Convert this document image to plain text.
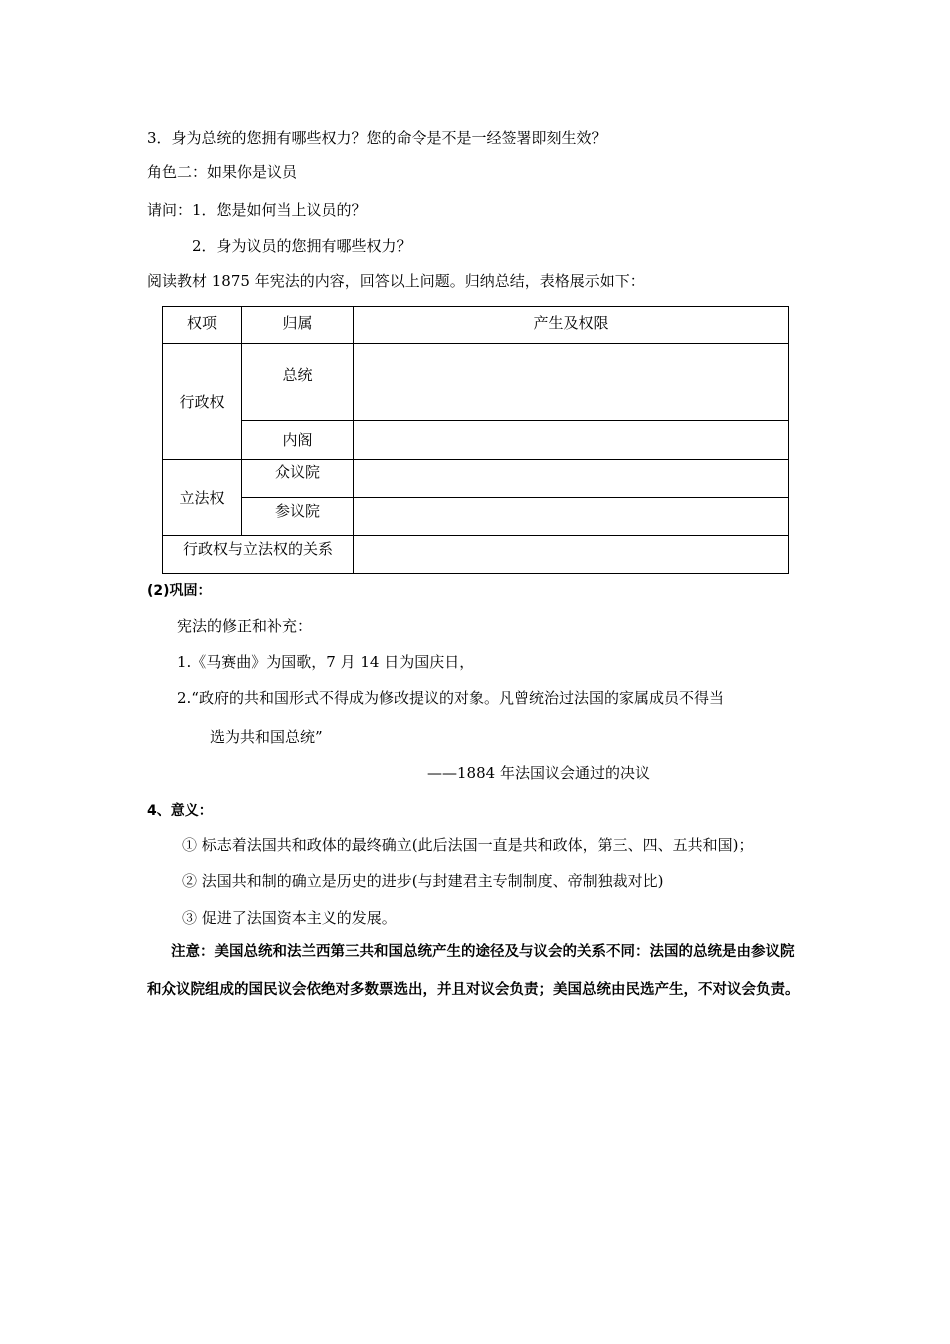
3．身为总统的您拥有哪些权力？您的命令是不是一经签署即刻生效？
角色二：如果你是议员
请问：1．您是如何当上议员的？
2．身为议员的您拥有哪些权力？
阅读教材 1875 年宪法的内容，回答以上问题。归纳总结，表格展示如下：
权项	归属	产生及权限
行政权	总统	
	内阁	
立法权	众议院	
	参议院	
行政权与立法权的关系		
(2)巩固：
宪法的修正和补充：
1.《马赛曲》为国歌，7 月 14 日为国庆日，
2.“政府的共和国形式不得成为修改提议的对象。凡曾统治过法国的家属成员不得当
选为共和国总统”
——1884 年法国议会通过的决议
4、意义：
① 标志着法国共和政体的最终确立(此后法国一直是共和政体，第三、四、五共和国)；
② 法国共和制的确立是历史的进步(与封建君主专制制度、帝制独裁对比)
③ 促进了法国资本主义的发展。
注意：美国总统和法兰西第三共和国总统产生的途径及与议会的关系不同：法国的总统是由参议院和众议院组成的国民议会依绝对多数票选出，并且对议会负责；美国总统由民选产生，不对议会负责。
